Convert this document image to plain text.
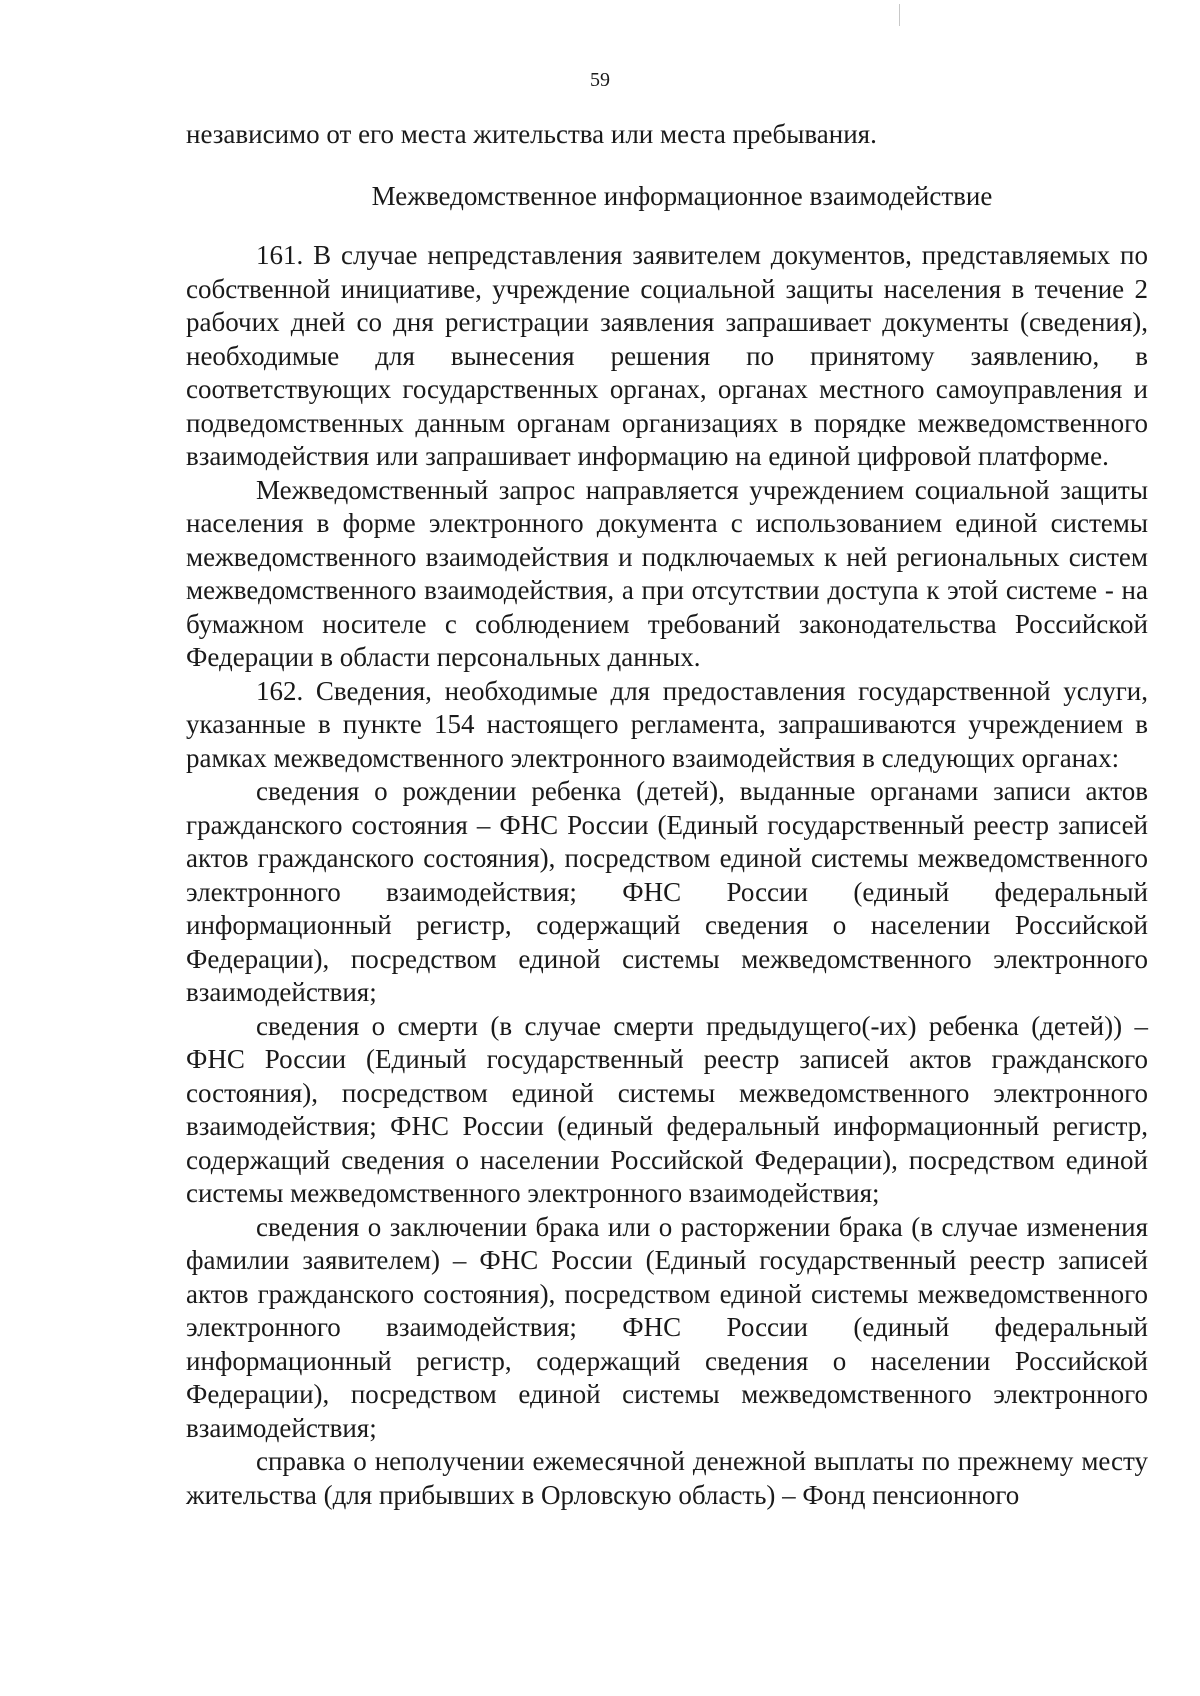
59

независимо от его места жительства или места пребывания.

Межведомственное информационное взаимодействие

161. В случае непредставления заявителем документов, представляемых по собственной инициативе, учреждение социальной защиты населения в течение 2 рабочих дней со дня регистрации заявления запрашивает документы (сведения), необходимые для вынесения решения по принятому заявлению, в соответствующих государственных органах, органах местного самоуправления и подведомственных данным органам организациях в порядке межведомственного взаимодействия или запрашивает информацию на единой цифровой платформе.

Межведомственный запрос направляется учреждением социальной защиты населения в форме электронного документа с использованием единой системы межведомственного взаимодействия и подключаемых к ней региональных систем межведомственного взаимодействия, а при отсутствии доступа к этой системе - на бумажном носителе с соблюдением требований законодательства Российской Федерации в области персональных данных.

162. Сведения, необходимые для предоставления государственной услуги, указанные в пункте 154 настоящего регламента, запрашиваются учреждением в рамках межведомственного электронного взаимодействия в следующих органах:

сведения о рождении ребенка (детей), выданные органами записи актов гражданского состояния – ФНС России (Единый государственный реестр записей актов гражданского состояния), посредством единой системы межведомственного электронного взаимодействия; ФНС России (единый федеральный информационный регистр, содержащий сведения о населении Российской Федерации), посредством единой системы межведомственного электронного взаимодействия;

сведения о смерти (в случае смерти предыдущего(-их) ребенка (детей)) – ФНС России (Единый государственный реестр записей актов гражданского состояния), посредством единой системы межведомственного электронного взаимодействия; ФНС России (единый федеральный информационный регистр, содержащий сведения о населении Российской Федерации), посредством единой системы межведомственного электронного взаимодействия;

сведения о заключении брака или о расторжении брака (в случае изменения фамилии заявителем) – ФНС России (Единый государственный реестр записей актов гражданского состояния), посредством единой системы межведомственного электронного взаимодействия; ФНС России (единый федеральный информационный регистр, содержащий сведения о населении Российской Федерации), посредством единой системы межведомственного электронного взаимодействия;

справка о неполучении ежемесячной денежной выплаты по прежнему месту жительства (для прибывших в Орловскую область) – Фонд пенсионного
